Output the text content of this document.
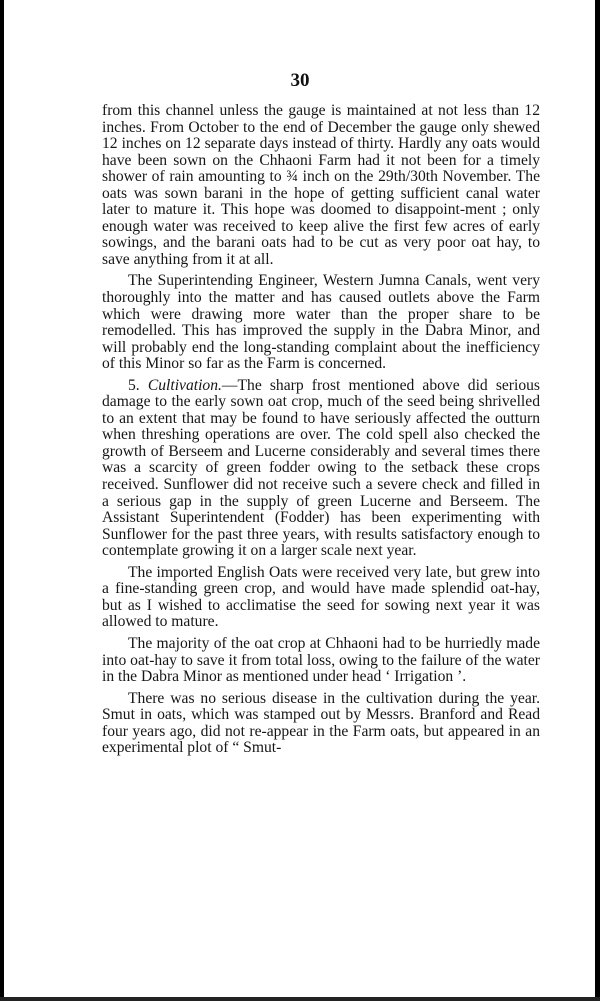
30

from this channel unless the gauge is maintained at not less than 12 inches. From October to the end of December the gauge only shewed 12 inches on 12 separate days instead of thirty. Hardly any oats would have been sown on the Chhaoni Farm had it not been for a timely shower of rain amounting to ¾ inch on the 29th/30th November. The oats was sown barani in the hope of getting sufficient canal water later to mature it. This hope was doomed to disappoint-ment ; only enough water was received to keep alive the first few acres of early sowings, and the barani oats had to be cut as very poor oat hay, to save anything from it at all.

The Superintending Engineer, Western Jumna Canals, went very thoroughly into the matter and has caused outlets above the Farm which were drawing more water than the proper share to be remodelled. This has improved the supply in the Dabra Minor, and will probably end the long-standing complaint about the inefficiency of this Minor so far as the Farm is concerned.

5. Cultivation.—The sharp frost mentioned above did serious damage to the early sown oat crop, much of the seed being shrivelled to an extent that may be found to have seriously affected the outturn when threshing operations are over. The cold spell also checked the growth of Berseem and Lucerne considerably and several times there was a scarcity of green fodder owing to the setback these crops received. Sunflower did not receive such a severe check and filled in a serious gap in the supply of green Lucerne and Berseem. The Assistant Superintendent (Fodder) has been experimenting with Sunflower for the past three years, with results satisfactory enough to contemplate growing it on a larger scale next year.

The imported English Oats were received very late, but grew into a fine-standing green crop, and would have made splendid oat-hay, but as I wished to acclimatise the seed for sowing next year it was allowed to mature.

The majority of the oat crop at Chhaoni had to be hurriedly made into oat-hay to save it from total loss, owing to the failure of the water in the Dabra Minor as mentioned under head ‘ Irrigation ’.

There was no serious disease in the cultivation during the year. Smut in oats, which was stamped out by Messrs. Branford and Read four years ago, did not re-appear in the Farm oats, but appeared in an experimental plot of “ Smut-
